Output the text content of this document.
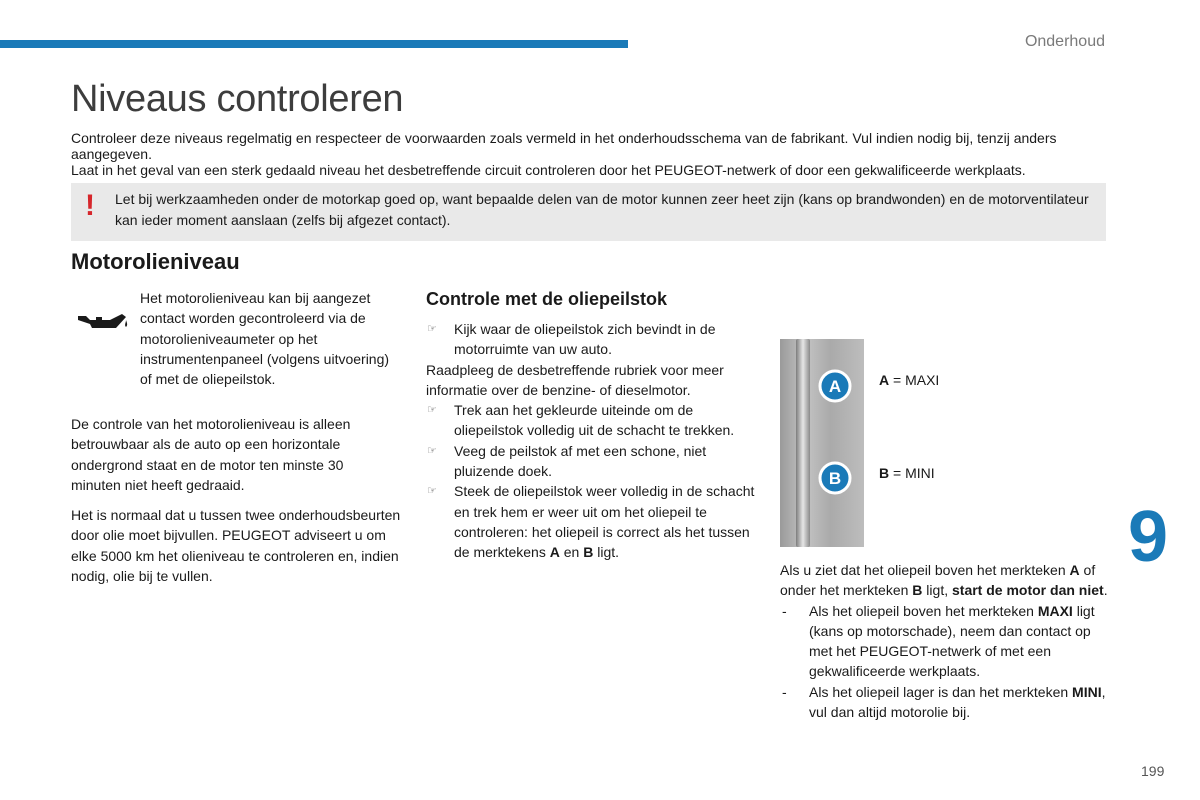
Onderhoud
Niveaus controleren

Controleer deze niveaus regelmatig en respecteer de voorwaarden zoals vermeld in het onderhoudsschema van de fabrikant. Vul indien nodig bij, tenzij anders aangegeven.

Laat in het geval van een sterk gedaald niveau het desbetreffende circuit controleren door het PEUGEOT-netwerk of door een gekwalificeerde werkplaats.

! Let bij werkzaamheden onder de motorkap goed op, want bepaalde delen van de motor kunnen zeer heet zijn (kans op brandwonden) en de motorventilateur kan ieder moment aanslaan (zelfs bij afgezet contact).

Motorolieniveau

Het motorolieniveau kan bij aangezet contact worden gecontroleerd via de motorolieniveaumeter op het instrumentenpaneel (volgens uitvoering) of met de oliepeilstok.

De controle van het motorolieniveau is alleen betrouwbaar als de auto op een horizontale ondergrond staat en de motor ten minste 30 minuten niet heeft gedraaid.

Het is normaal dat u tussen twee onderhoudsbeurten door olie moet bijvullen. PEUGEOT adviseert u om elke 5000 km het olieniveau te controleren en, indien nodig, olie bij te vullen.

Controle met de oliepeilstok

☞ Kijk waar de oliepeilstok zich bevindt in de motorruimte van uw auto.

Raadpleeg de desbetreffende rubriek voor meer informatie over de benzine- of dieselmotor.

☞ Trek aan het gekleurde uiteinde om de oliepeilstok volledig uit de schacht te trekken.

☞ Veeg de peilstok af met een schone, niet pluizende doek.

☞ Steek de oliepeilstok weer volledig in de schacht en trek hem er weer uit om het oliepeil te controleren: het oliepeil is correct als het tussen de merktekens A en B ligt.

A
B
A = MAXI
B = MINI

Als u ziet dat het oliepeil boven het merkteken A of onder het merkteken B ligt, start de motor dan niet.

- Als het oliepeil boven het merkteken MAXI ligt (kans op motorschade), neem dan contact op met het PEUGEOT-netwerk of met een gekwalificeerde werkplaats.

- Als het oliepeil lager is dan het merkteken MINI, vul dan altijd motorolie bij.

9
199
